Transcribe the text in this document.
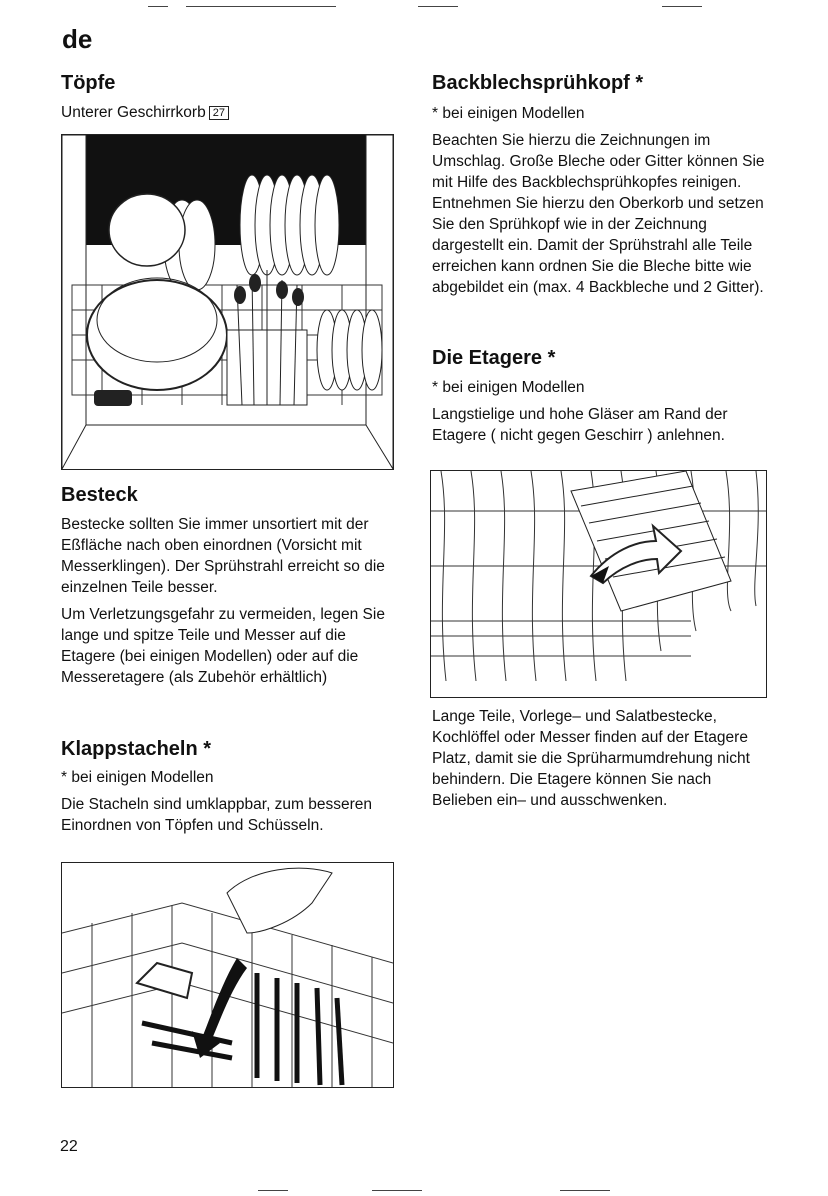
de
Töpfe
Unterer Geschirrkorb 27
Besteck

Bestecke sollten Sie immer unsortiert mit der Eßfläche nach oben einordnen (Vorsicht mit Messerklingen). Der Sprühstrahl erreicht so die einzelnen Teile besser.

Um Verletzungsgefahr zu vermeiden, legen Sie lange und spitze Teile und Messer auf die Etagere (bei einigen Modellen) oder auf die Messeretagere (als Zubehör erhältlich)

Klappstacheln *

* bei einigen Modellen

Die Stacheln sind umklappbar, zum besseren Einordnen von Töpfen und Schüsseln.

22
Backblechsprühkopf *

* bei einigen Modellen

Beachten Sie hierzu die Zeichnungen im Umschlag. Große Bleche oder Gitter können Sie mit Hilfe des Backblechsprühkopfes reinigen. Entnehmen Sie hierzu den Oberkorb und setzen Sie den Sprühkopf wie in der Zeichnung dargestellt ein. Damit der Sprühstrahl alle Teile erreichen kann ordnen Sie die Bleche bitte wie abgebildet ein (max. 4 Backbleche und 2 Gitter).

Die Etagere *

* bei einigen Modellen

Langstielige und hohe Gläser am Rand der Etagere ( nicht gegen Geschirr ) anlehnen.

Lange Teile, Vorlege– und Salatbestecke, Kochlöffel oder Messer finden auf der Etagere Platz, damit sie die Sprüharmumdrehung nicht behindern. Die Etagere können Sie nach Belieben ein– und ausschwenken.
